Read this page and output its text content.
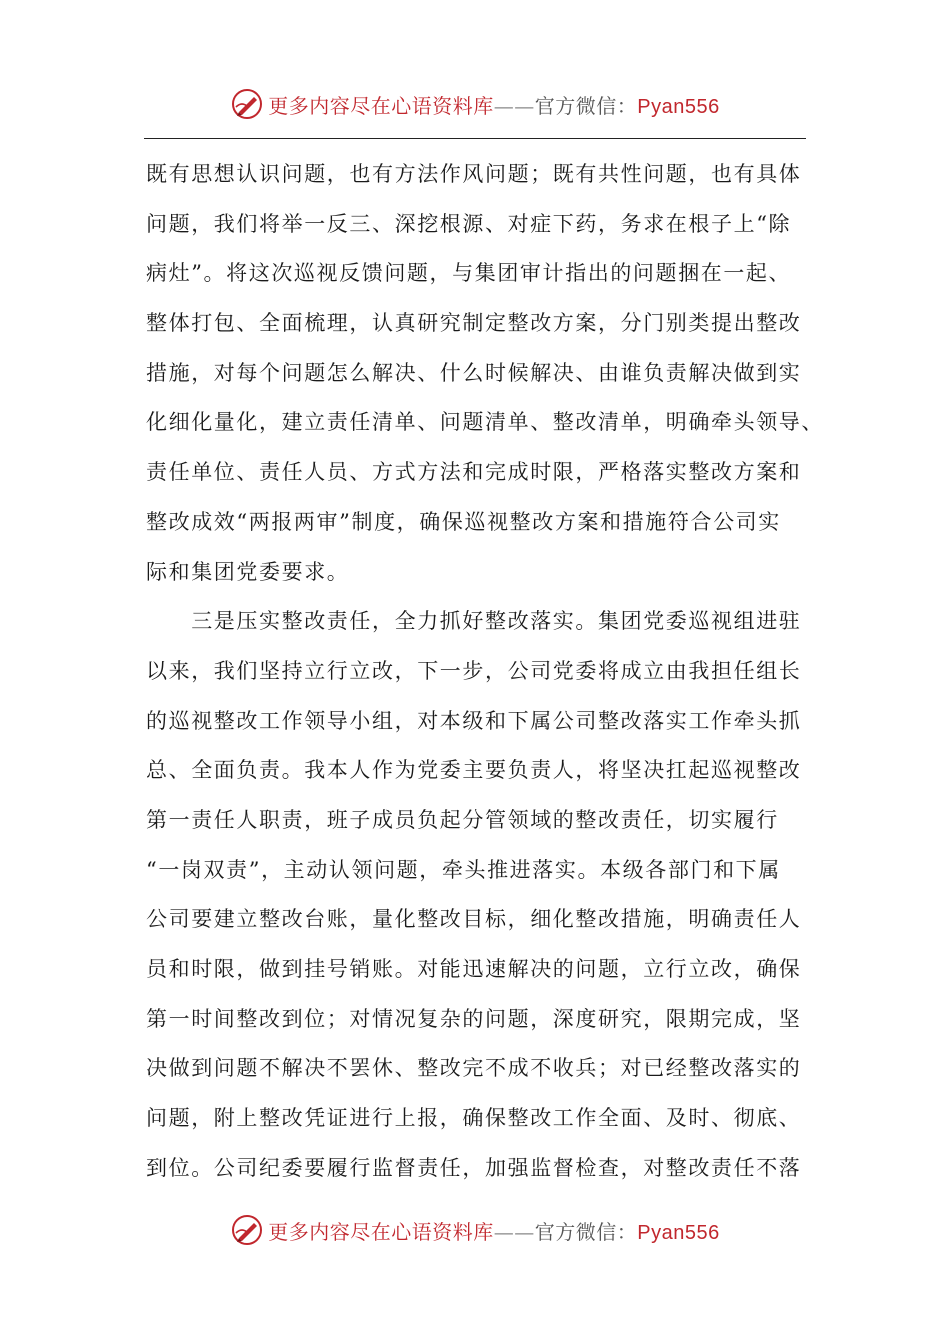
更多内容尽在心语资料库——官方微信：Pyan556
既有思想认识问题，也有方法作风问题；既有共性问题，也有具体
问题，我们将举一反三、深挖根源、对症下药，务求在根子上“除
病灶”。将这次巡视反馈问题，与集团审计指出的问题捆在一起、
整体打包、全面梳理，认真研究制定整改方案，分门别类提出整改
措施，对每个问题怎么解决、什么时候解决、由谁负责解决做到实
化细化量化，建立责任清单、问题清单、整改清单，明确牵头领导、
责任单位、责任人员、方式方法和完成时限，严格落实整改方案和
整改成效“两报两审”制度，确保巡视整改方案和措施符合公司实
际和集团党委要求。
　　三是压实整改责任，全力抓好整改落实。集团党委巡视组进驻
以来，我们坚持立行立改，下一步，公司党委将成立由我担任组长
的巡视整改工作领导小组，对本级和下属公司整改落实工作牵头抓
总、全面负责。我本人作为党委主要负责人，将坚决扛起巡视整改
第一责任人职责，班子成员负起分管领域的整改责任，切实履行
“一岗双责”，主动认领问题，牵头推进落实。本级各部门和下属
公司要建立整改台账，量化整改目标，细化整改措施，明确责任人
员和时限，做到挂号销账。对能迅速解决的问题，立行立改，确保
第一时间整改到位；对情况复杂的问题，深度研究，限期完成，坚
决做到问题不解决不罢休、整改完不成不收兵；对已经整改落实的
问题，附上整改凭证进行上报，确保整改工作全面、及时、彻底、
到位。公司纪委要履行监督责任，加强监督检查，对整改责任不落
更多内容尽在心语资料库——官方微信：Pyan556
